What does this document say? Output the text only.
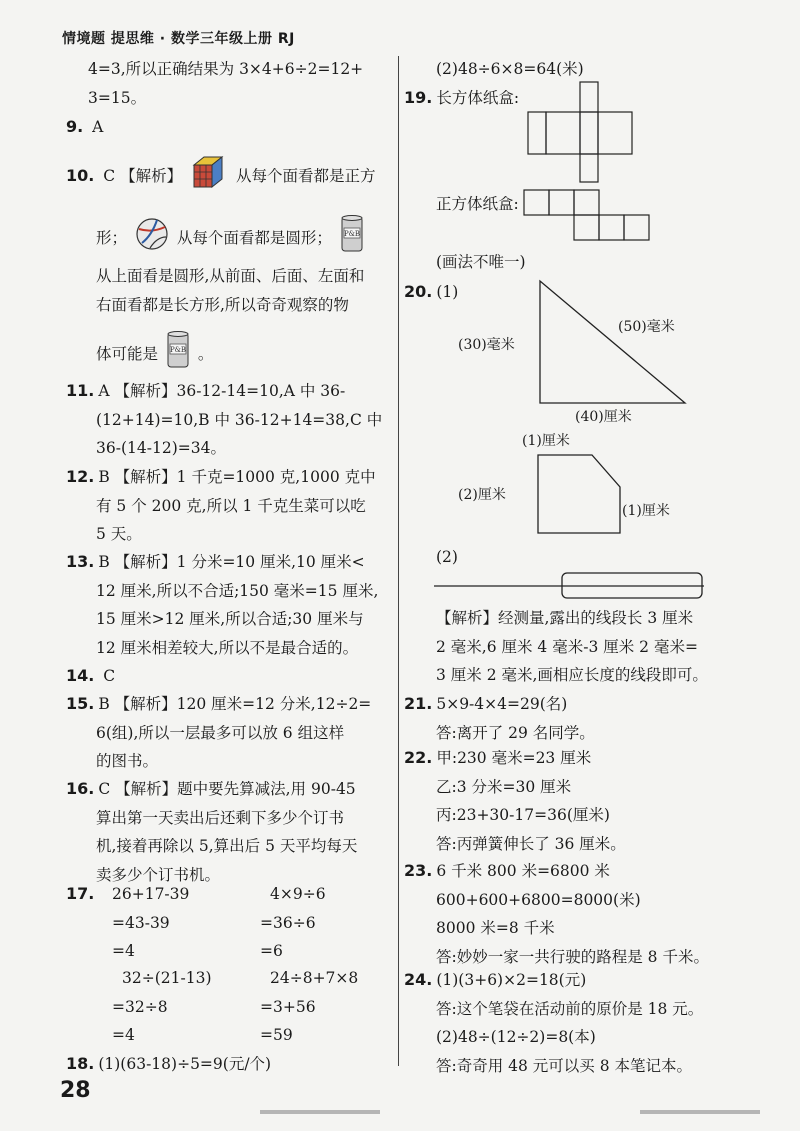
情境题 提思维 · 数学三年级上册 RJ
4=3,所以正确结果为 3×4+6÷2=12+
3=15。
9. A
10. C 【解析】	从每个面看都是正方
形；	从每个面看都是圆形； P&B
从上面看是圆形,从前面、后面、左面和
右面看都是长方形,所以奇奇观察的物
体可能是 P&B 。
11. A 【解析】36-12-14=10,A 中 36-
(12+14)=10,B 中 36-12+14=38,C 中
36-(14-12)=34。
12. B 【解析】1 千克=1000 克,1000 克中
有 5 个 200 克,所以 1 千克生菜可以吃
5 天。
13. B 【解析】1 分米=10 厘米,10 厘米<
12 厘米,所以不合适;150 毫米=15 厘米,
15 厘米>12 厘米,所以合适;30 厘米与
12 厘米相差较大,所以不是最合适的。
14. C
15. B 【解析】120 厘米=12 分米,12÷2=
6(组),所以一层最多可以放 6 组这样
的图书。
16. C 【解析】题中要先算减法,用 90-45
算出第一天卖出后还剩下多少个订书
机,接着再除以 5,算出后 5 天平均每天
卖多少个订书机。
17. 26+17-39
=43-39
=4
4×9÷6
=36÷6
=6
32÷(21-13)
=32÷8
=4
24÷8+7×8
=3+56
=59
18. (1)(63-18)÷5=9(元/个)
(2)48÷6×8=64(米)
19. 长方体纸盒:
正方体纸盒:
(画法不唯一)
20. (1)
(30)毫米
(50)毫米
(40)厘米
(1)厘米
(2)厘米
(1)厘米
(2)
【解析】经测量,露出的线段长 3 厘米
2 毫米,6 厘米 4 毫米-3 厘米 2 毫米=
3 厘米 2 毫米,画相应长度的线段即可。
21. 5×9-4×4=29(名)
答:离开了 29 名同学。
22. 甲:230 毫米=23 厘米
乙:3 分米=30 厘米
丙:23+30-17=36(厘米)
答:丙弹簧伸长了 36 厘米。
23. 6 千米 800 米=6800 米
600+600+6800=8000(米)
8000 米=8 千米
答:妙妙一家一共行驶的路程是 8 千米。
24. (1)(3+6)×2=18(元)
答:这个笔袋在活动前的原价是 18 元。
(2)48÷(12÷2)=8(本)
答:奇奇用 48 元可以买 8 本笔记本。
28
